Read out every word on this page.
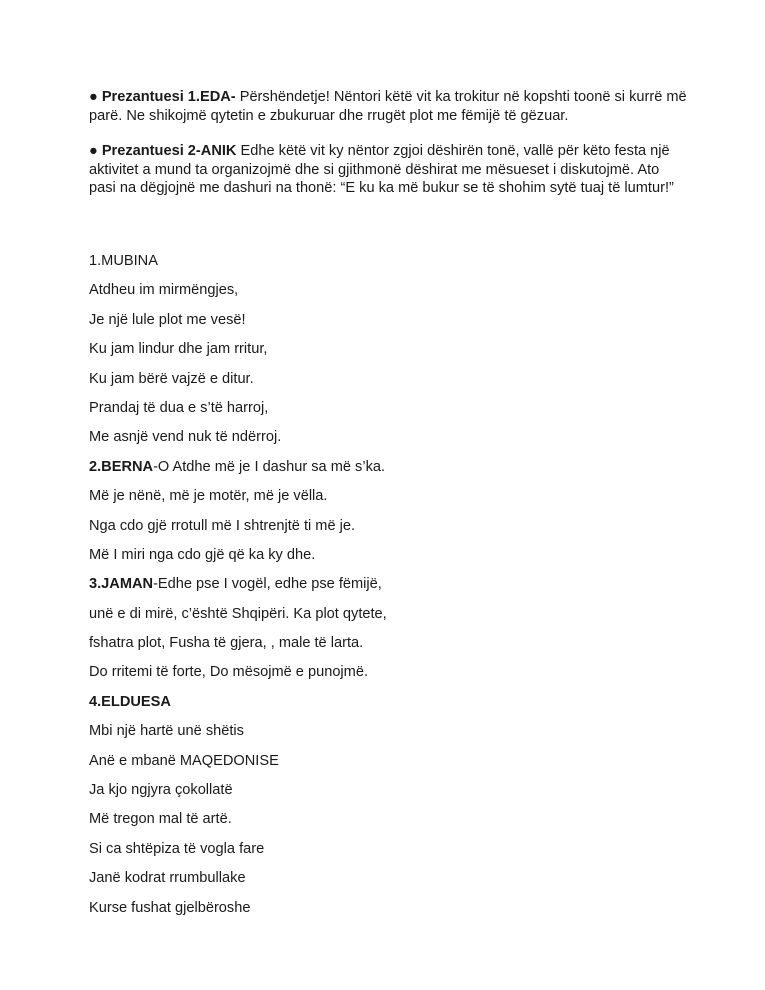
● Prezantuesi 1.EDA- Përshëndetje! Nëntori këtë vit ka trokitur në kopshti toonë si kurrë më parë. Ne shikojmë qytetin e zbukuruar dhe rrugët plot me fëmijë të gëzuar.

● Prezantuesi 2-ANIK Edhe këtë vit ky nëntor zgjoi dëshirën tonë, vallë për këto festa një aktivitet a mund ta organizojmë dhe si gjithmonë dëshirat me mësueset i diskutojmë. Ato pasi na dëgjojnë me dashuri na thonë: “E ku ka më bukur se të shohim sytë tuaj të lumtur!”

1.MUBINA
Atdheu im mirmëngjes,
Je një lule plot me vesë!
Ku jam lindur dhe jam rritur,
Ku jam bërë vajzë e ditur.
Prandaj të dua e s’të harroj,
Me asnjë vend nuk të ndërroj.
2.BERNA-O Atdhe më je I dashur sa më s’ka.
Më je nënë, më je motër, më je vëlla.
Nga cdo gjë rrotull më I shtrenjtë ti më je.
Më I miri nga cdo gjë që ka ky dhe.
3.JAMAN-Edhe pse I vogël, edhe pse fëmijë,
unë e di mirë, c’është Shqipëri. Ka plot qytete,
fshatra plot, Fusha të gjera, , male të larta.
Do rritemi të forte, Do mësojmë e punojmë.
4.ELDUESA
Mbi një hartë unë shëtis
Anë e mbanë MAQEDONISE
Ja kjo ngjyra çokollatë
Më tregon mal të artë.
Si ca shtëpiza të vogla fare
Janë kodrat rrumbullake
Kurse fushat gjelbëroshe
